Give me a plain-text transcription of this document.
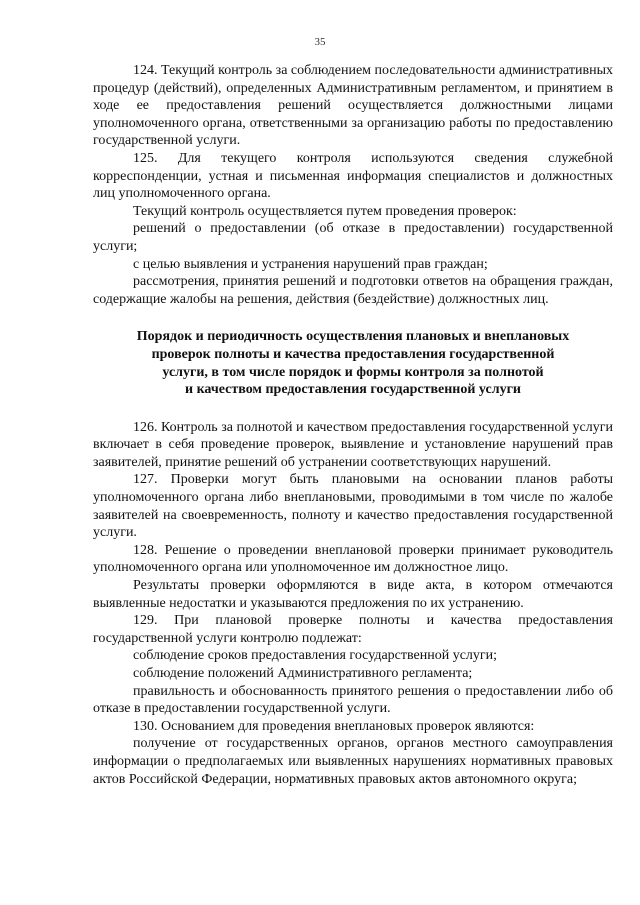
35

124. Текущий контроль за соблюдением последовательности административных процедур (действий), определенных Административным регламентом, и принятием в ходе ее предоставления решений осуществляется должностными лицами уполномоченного органа, ответственными за организацию работы по предоставлению государственной услуги.

125. Для текущего контроля используются сведения служебной корреспонденции, устная и письменная информация специалистов и должностных лиц уполномоченного органа.

Текущий контроль осуществляется путем проведения проверок:

решений о предоставлении (об отказе в предоставлении) государственной услуги;

с целью выявления и устранения нарушений прав граждан;

рассмотрения, принятия решений и подготовки ответов на обращения граждан, содержащие жалобы на решения, действия (бездействие) должностных лиц.

Порядок и периодичность осуществления плановых и внеплановых
проверок полноты и качества предоставления государственной
услуги, в том числе порядок и формы контроля за полнотой
и качеством предоставления государственной услуги

126. Контроль за полнотой и качеством предоставления государственной услуги включает в себя проведение проверок, выявление и установление нарушений прав заявителей, принятие решений об устранении соответствующих нарушений.

127. Проверки могут быть плановыми на основании планов работы уполномоченного органа либо внеплановыми, проводимыми в том числе по жалобе заявителей на своевременность, полноту и качество предоставления государственной услуги.

128. Решение о проведении внеплановой проверки принимает руководитель уполномоченного органа или уполномоченное им должностное лицо.

Результаты проверки оформляются в виде акта, в котором отмечаются выявленные недостатки и указываются предложения по их устранению.

129. При плановой проверке полноты и качества предоставления государственной услуги контролю подлежат:

соблюдение сроков предоставления государственной услуги;

соблюдение положений Административного регламента;

правильность и обоснованность принятого решения о предоставлении либо об отказе в предоставлении государственной услуги.

130. Основанием для проведения внеплановых проверок являются:

получение от государственных органов, органов местного самоуправления информации о предполагаемых или выявленных нарушениях нормативных правовых актов Российской Федерации, нормативных правовых актов автономного округа;
